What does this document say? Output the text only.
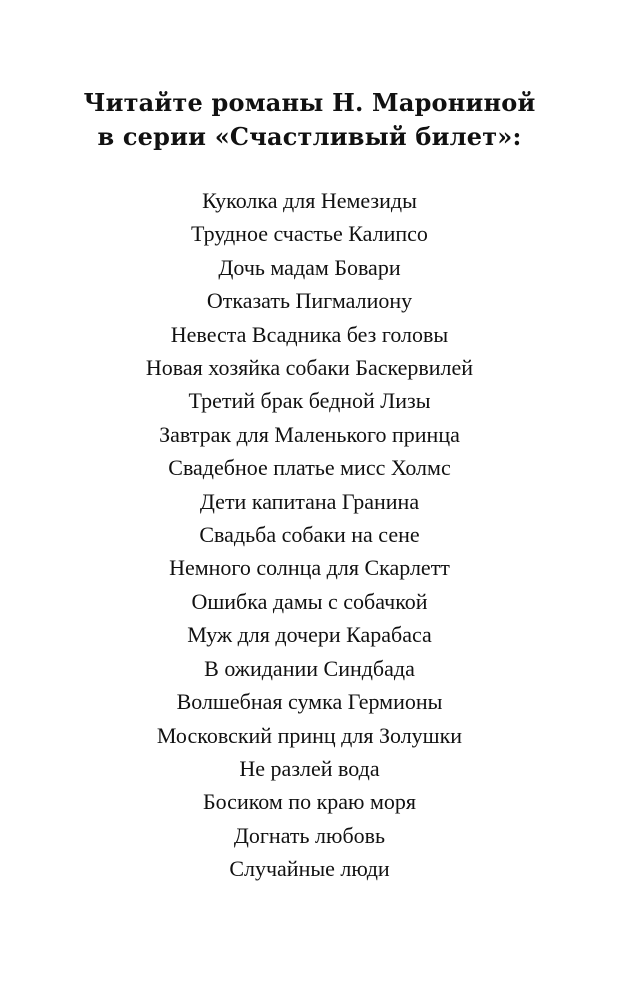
Читайте романы Н. Марониной
в серии «Счастливый билет»:
Куколка для Немезиды
Трудное счастье Калипсо
Дочь мадам Бовари
Отказать Пигмалиону
Невеста Всадника без головы
Новая хозяйка собаки Баскервилей
Третий брак бедной Лизы
Завтрак для Маленького принца
Свадебное платье мисс Холмс
Дети капитана Гранина
Свадьба собаки на сене
Немного солнца для Скарлетт
Ошибка дамы с собачкой
Муж для дочери Карабаса
В ожидании Синдбада
Волшебная сумка Гермионы
Московский принц для Золушки
Не разлей вода
Босиком по краю моря
Догнать любовь
Случайные люди
